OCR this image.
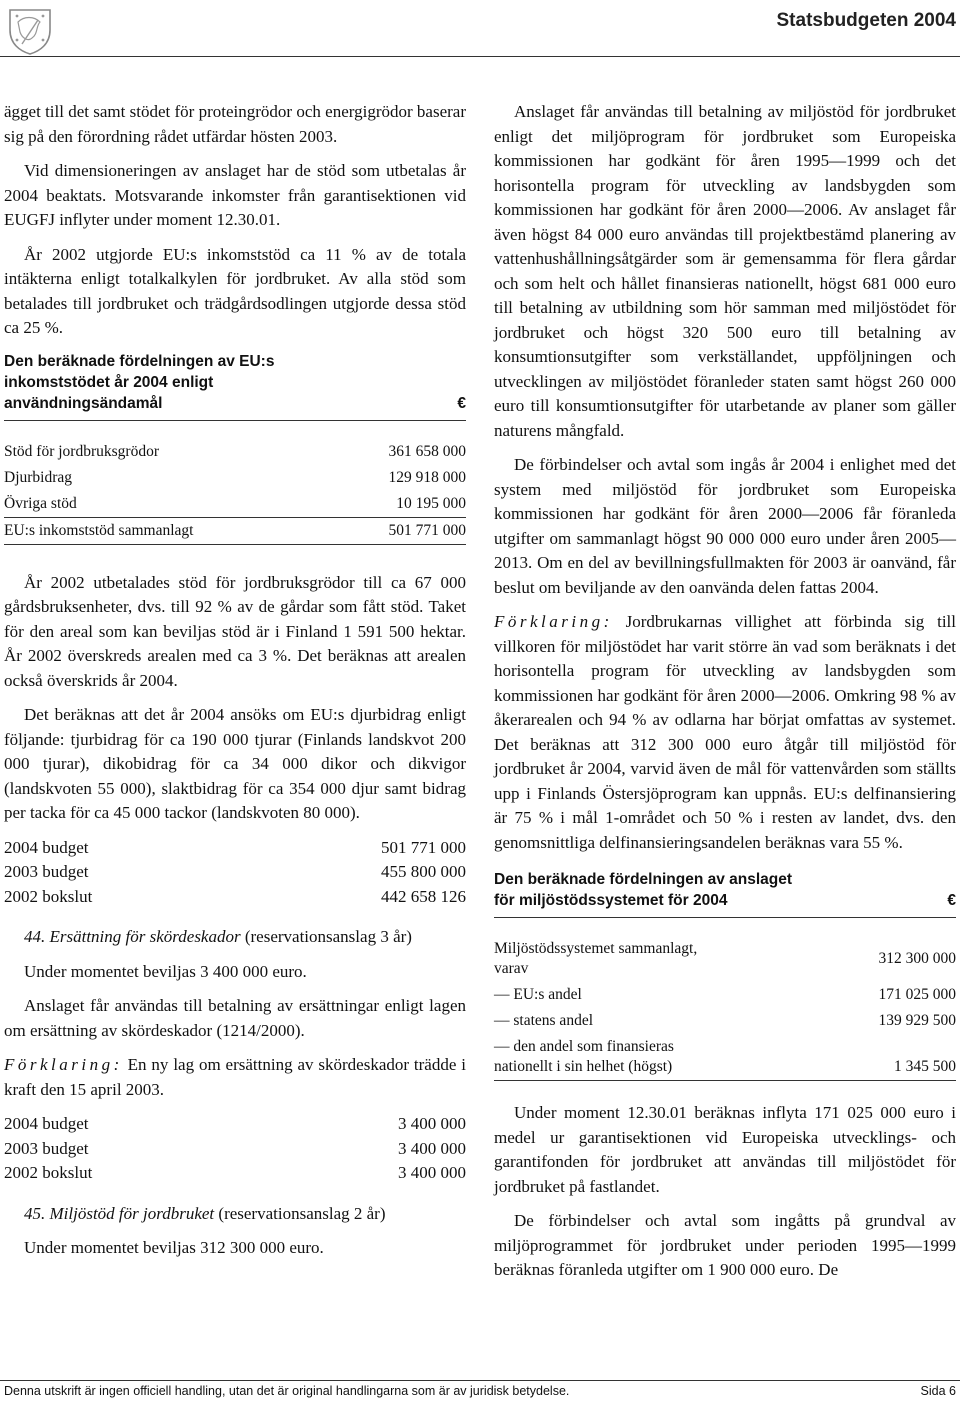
Statsbudgeten 2004

ägget till det samt stödet för proteingrödor och energigrödor baserar sig på den förordning rådet utfärdar hösten 2003.

Vid dimensioneringen av anslaget har de stöd som utbetalas år 2004 beaktats. Motsvarande inkomster från garantisektionen vid EUGFJ inflyter under moment 12.30.01.

År 2002 utgjorde EU:s inkomststöd ca 11 % av de totala intäkterna enligt totalkalkylen för jordbruket. Av alla stöd som betalades till jordbruket och trädgårdsodlingen utgjorde dessa stöd ca 25 %.

Den beräknade fördelningen av EU:s inkomststödet år 2004 enligt användningsändamål	€
Stöd för jordbruksgrödor	361 658 000
Djurbidrag	129 918 000
Övriga stöd	10 195 000
EU:s inkomststöd sammanlagt	501 771 000

År 2002 utbetalades stöd för jordbruksgrödor till ca 67 000 gårdsbruksenheter, dvs. till 92 % av de gårdar som fått stöd. Taket för den areal som kan beviljas stöd är i Finland 1 591 500 hektar. År 2002 överskreds arealen med ca 3 %. Det beräknas att arealen också överskrids år 2004.

Det beräknas att det år 2004 ansöks om EU:s djurbidrag enligt följande: tjurbidrag för ca 190 000 tjurar (Finlands landskvot 200 000 tjurar), dikobidrag för ca 34 000 dikor och dikvigor (landskvoten 55 000), slaktbidrag för ca 354 000 djur samt bidrag per tacka för ca 45 000 tackor (landskvoten 80 000).

2004 budget	501 771 000
2003 budget	455 800 000
2002 bokslut	442 658 126

44. Ersättning för skördeskador (reservationsanslag 3 år)

Under momentet beviljas 3 400 000 euro.

Anslaget får användas till betalning av ersättningar enligt lagen om ersättning av skördeskador (1214/2000).

Förklaring: En ny lag om ersättning av skördeskador trädde i kraft den 15 april 2003.

2004 budget	3 400 000
2003 budget	3 400 000
2002 bokslut	3 400 000

45. Miljöstöd för jordbruket (reservationsanslag 2 år)

Under momentet beviljas 312 300 000 euro.

Anslaget får användas till betalning av miljöstöd för jordbruket enligt det miljöprogram för jordbruket som Europeiska kommissionen har godkänt för åren 1995—1999 och det horisontella program för utveckling av landsbygden som kommissionen har godkänt för åren 2000—2006. Av anslaget får även högst 84 000 euro användas till projektbestämd planering av vattenhushållningsåtgärder som är gemensamma för flera gårdar och som helt och hållet finansieras nationellt, högst 681 000 euro till betalning av utbildning som hör samman med miljöstödet för jordbruket och högst 320 500 euro till betalning av konsumtionsutgifter som verkställandet, uppföljningen och utvecklingen av miljöstödet föranleder staten samt högst 260 000 euro till konsumtionsutgifter för utarbetande av planer som gäller naturens mångfald.

De förbindelser och avtal som ingås år 2004 i enlighet med det system med miljöstöd för jordbruket som Europeiska kommissionen har godkänt för åren 2000—2006 får föranleda utgifter om sammanlagt högst 90 000 000 euro under åren 2005—2013. Om en del av bevillningsfullmakten för 2003 är oanvänd, får beslut om beviljande av den oanvända delen fattas 2004.

Förklaring: Jordbrukarnas villighet att förbinda sig till villkoren för miljöstödet har varit större än vad som beräknats i det horisontella program för utveckling av landsbygden som kommissionen har godkänt för åren 2000—2006. Omkring 98 % av åkerarealen och 94 % av odlarna har börjat omfattas av systemet. Det beräknas att 312 300 000 euro åtgår till miljöstöd för jordbruket år 2004, varvid även de mål för vattenvården som ställts upp i Finlands Östersjöprogram kan uppnås. EU:s delfinansiering är 75 % i mål 1-området och 50 % i resten av landet, dvs. den genomsnittliga delfinansieringsandelen beräknas vara 55 %.

Den beräknade fördelningen av anslaget för miljöstödssystemet för 2004	€
Miljöstödssystemet sammanlagt, varav	312 300 000
— EU:s andel	171 025 000
— statens andel	139 929 500
— den andel som finansieras nationellt i sin helhet (högst)	1 345 500

Under moment 12.30.01 beräknas inflyta 171 025 000 euro i medel ur garantisektionen vid Europeiska utvecklings- och garantifonden för jordbruket att användas till miljöstödet för jordbruket på fastlandet.

De förbindelser och avtal som ingåtts på grundval av miljöprogrammet för jordbruket under perioden 1995—1999 beräknas föranleda utgifter om 1 900 000 euro. De

Denna utskrift är ingen officiell handling, utan det är original handlingarna som är av juridisk betydelse.	Sida 6
